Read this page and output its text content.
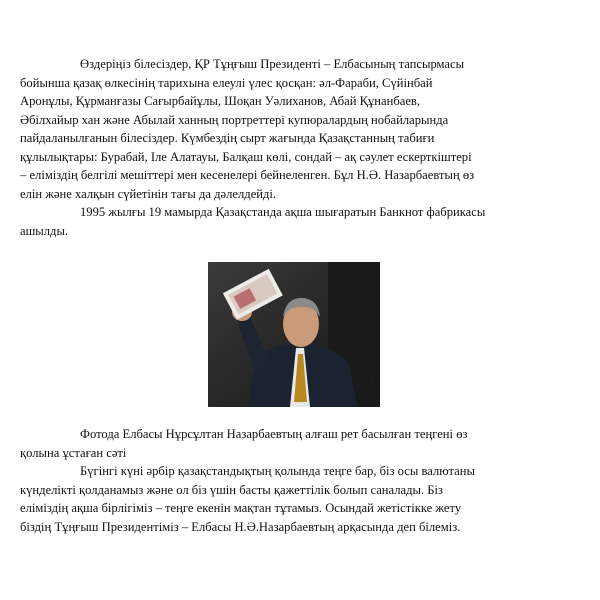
Өздеріңіз білесіздер, ҚР Тұңғыш Президенті – Елбасының тапсырмасы
бойынша қазақ өлкесінің тарихына елеулі үлес қосқан: әл-Фараби, Сүйінбай
Аронұлы, Құрманғазы Сағырбайұлы, Шоқан Уәлиханов, Абай Құнанбаев,
Әбілхайыр хан және Абылай ханның портреттері купюралардың нобайларында
пайдаланылғанын білесіздер. Күмбездің сырт жағында Қазақстанның табиғи
құлылықтары: Бурабай, Іле Алатауы, Балқаш көлі, сондай – ақ сәулет ескерткіштері
– еліміздің белгілі мешіттері мен кесенелері бейнеленген. Бұл Н.Ә. Назарбаевтың өз
елін және халқын сүйетінін тағы да дәлелдейді.

1995 жылғы 19 мамырда Қазақстанда ақша шығаратын Банкнот фабрикасы
ашылды.

·

Фотода Елбасы Нұрсұлтан Назарбаевтың алғаш рет басылған теңгені өз
қолына ұстаған сәті

Бүгінгі күні әрбір қазақстандықтың қолында теңге бар, біз осы валютаны
күнделікті қолданамыз және ол біз үшін басты қажеттілік болып саналады. Біз
еліміздің ақша бірлігіміз – теңге екенін мақтан тұтамыз. Осындай жетістікке жету
біздің Тұңғыш Президентіміз – Елбасы Н.Ә.Назарбаевтың арқасында деп білеміз.
